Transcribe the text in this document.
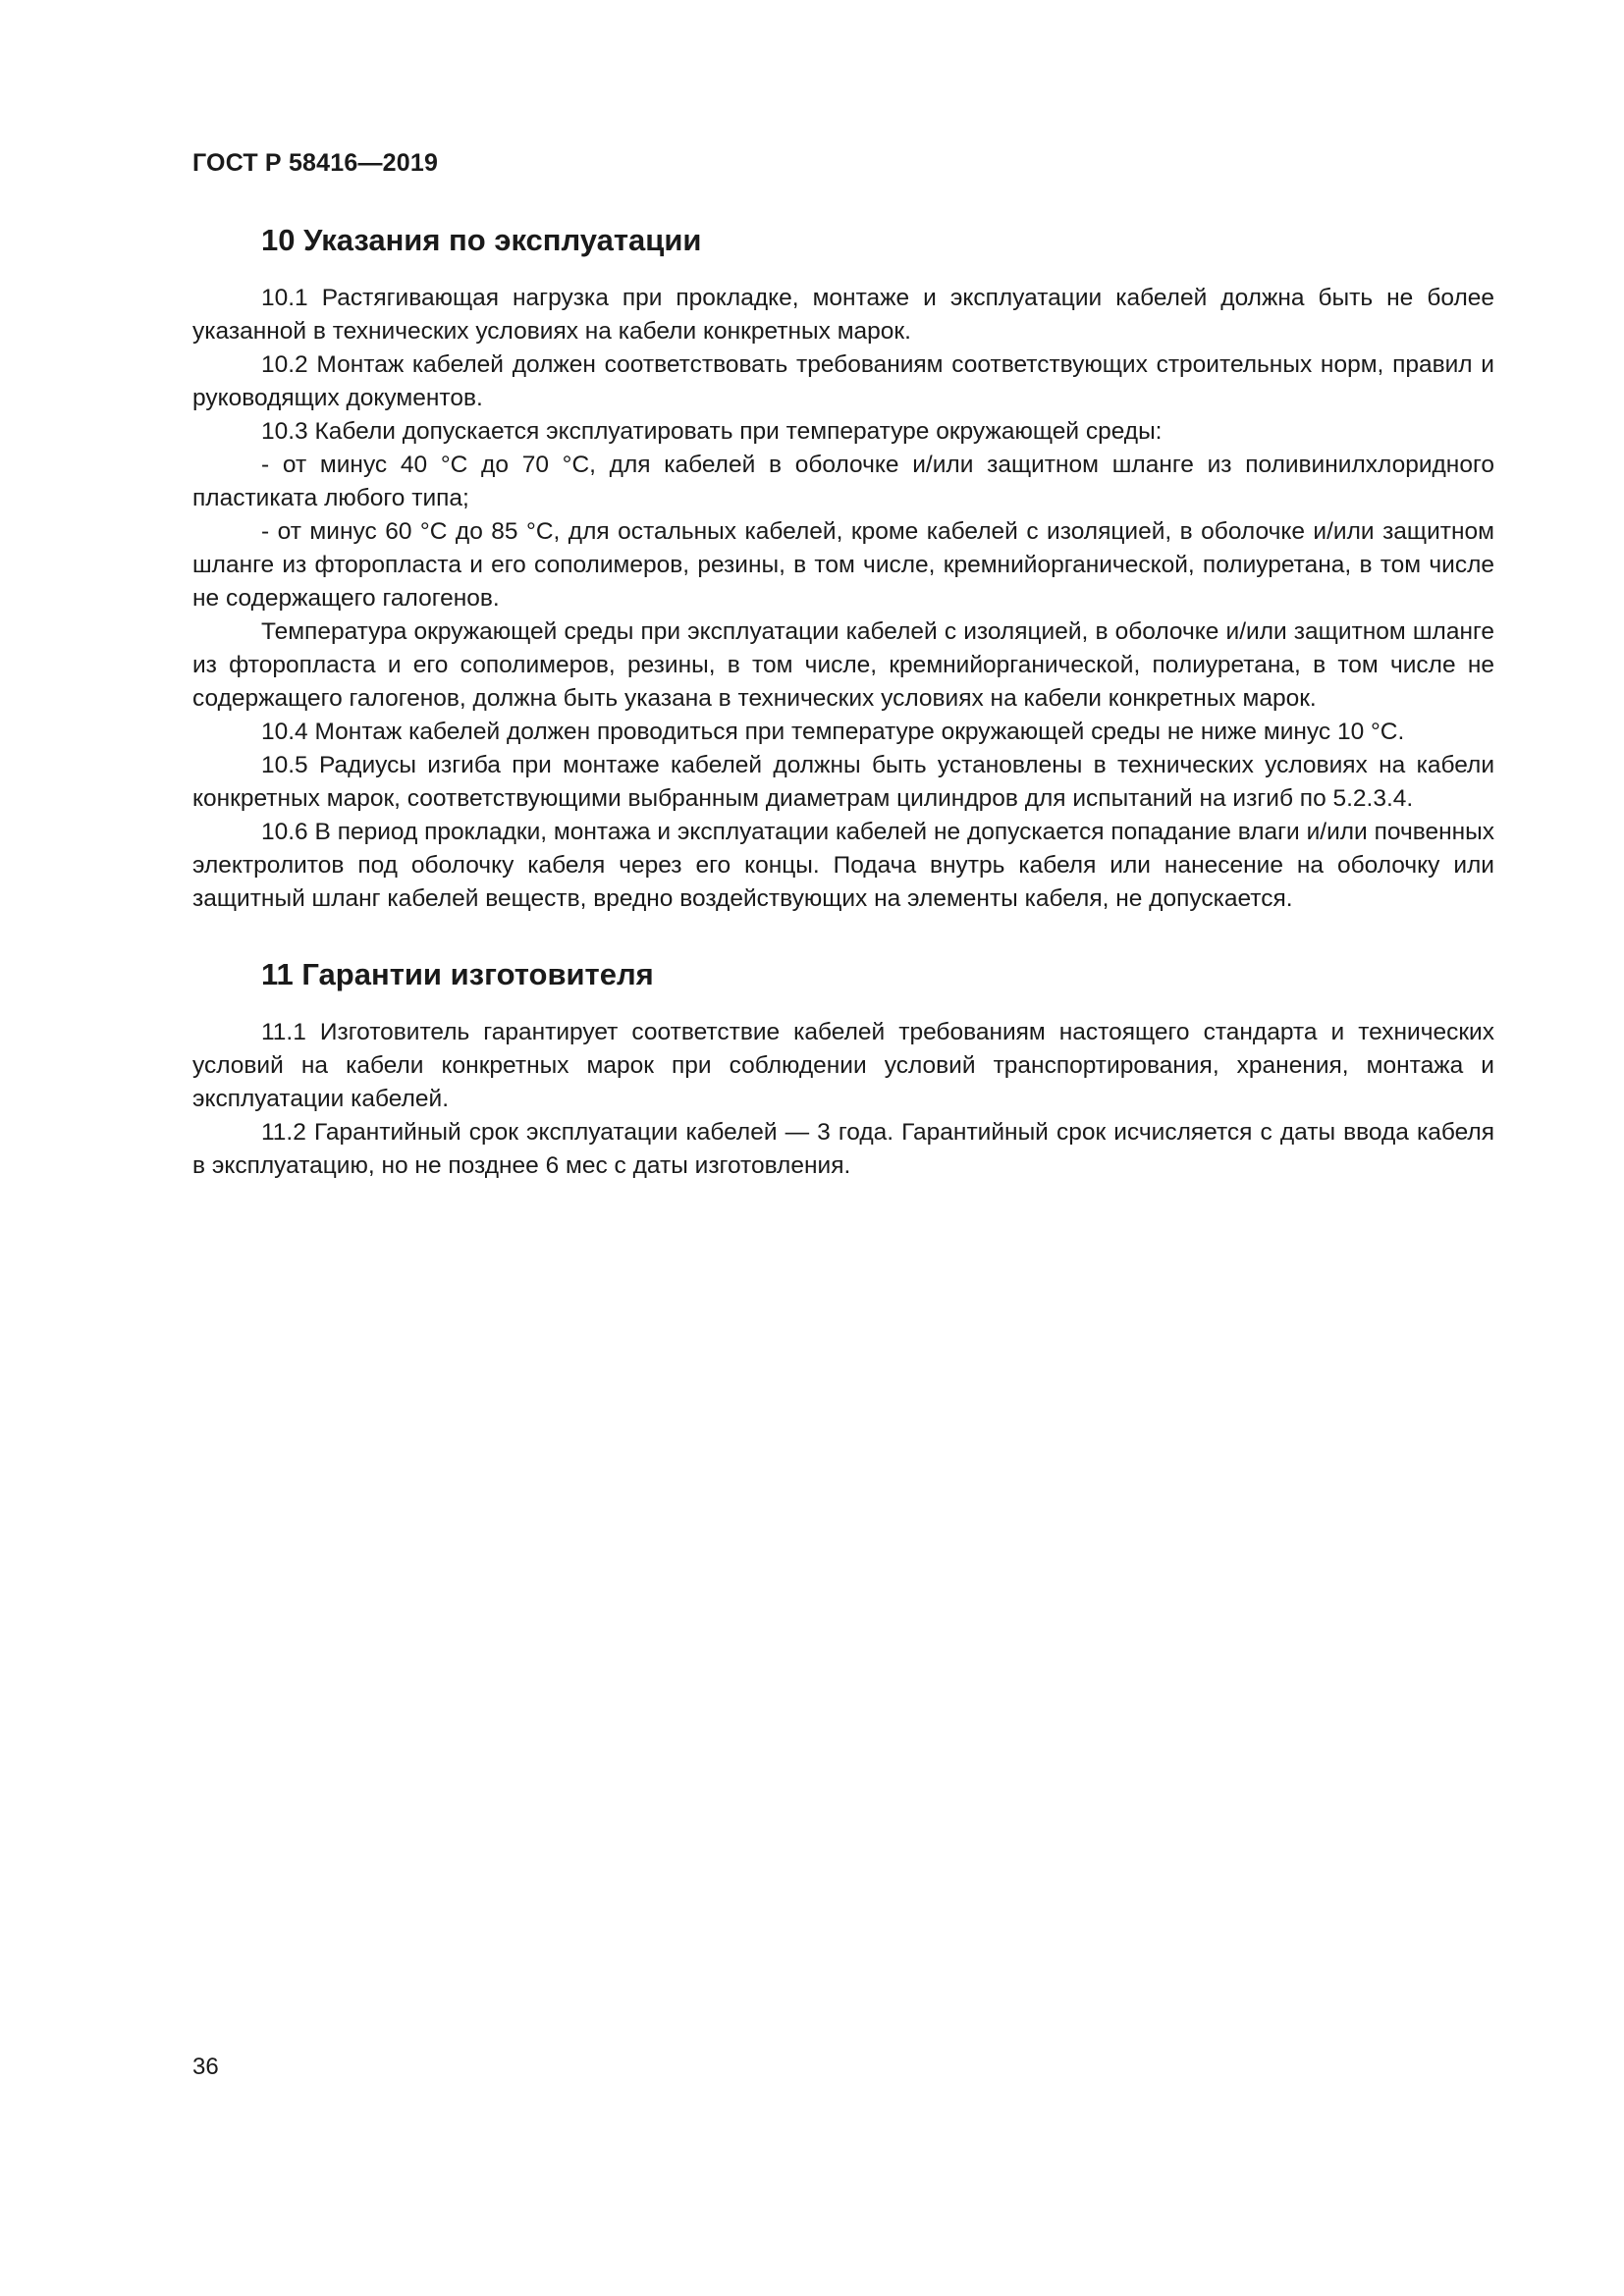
ГОСТ Р 58416—2019
10 Указания по эксплуатации

10.1 Растягивающая нагрузка при прокладке, монтаже и эксплуатации кабелей должна быть не более указанной в технических условиях на кабели конкретных марок.

10.2 Монтаж кабелей должен соответствовать требованиям соответствующих строительных норм, правил и руководящих документов.

10.3 Кабели допускается эксплуатировать при температуре окружающей среды:

- от минус 40 °С до 70 °С, для кабелей в оболочке и/или защитном шланге из поливинилхлоридного пластиката любого типа;

- от минус 60 °С до 85 °С, для остальных кабелей, кроме кабелей с изоляцией, в оболочке и/или защитном шланге из фторопласта и его сополимеров, резины, в том числе, кремнийорганической, полиуретана, в том числе не содержащего галогенов.

Температура окружающей среды при эксплуатации кабелей с изоляцией, в оболочке и/или защитном шланге из фторопласта и его сополимеров, резины, в том числе, кремнийорганической, полиуретана, в том числе не содержащего галогенов, должна быть указана в технических условиях на кабели конкретных марок.

10.4 Монтаж кабелей должен проводиться при температуре окружающей среды не ниже минус 10 °С.

10.5 Радиусы изгиба при монтаже кабелей должны быть установлены в технических условиях на кабели конкретных марок, соответствующими выбранным диаметрам цилиндров для испытаний на изгиб по 5.2.3.4.

10.6 В период прокладки, монтажа и эксплуатации кабелей не допускается попадание влаги и/или почвенных электролитов под оболочку кабеля через его концы. Подача внутрь кабеля или нанесение на оболочку или защитный шланг кабелей веществ, вредно воздействующих на элементы кабеля, не допускается.

11 Гарантии изготовителя

11.1 Изготовитель гарантирует соответствие кабелей требованиям настоящего стандарта и технических условий на кабели конкретных марок при соблюдении условий транспортирования, хранения, монтажа и эксплуатации кабелей.

11.2 Гарантийный срок эксплуатации кабелей — 3 года. Гарантийный срок исчисляется с даты ввода кабеля в эксплуатацию, но не позднее 6 мес с даты изготовления.

36
